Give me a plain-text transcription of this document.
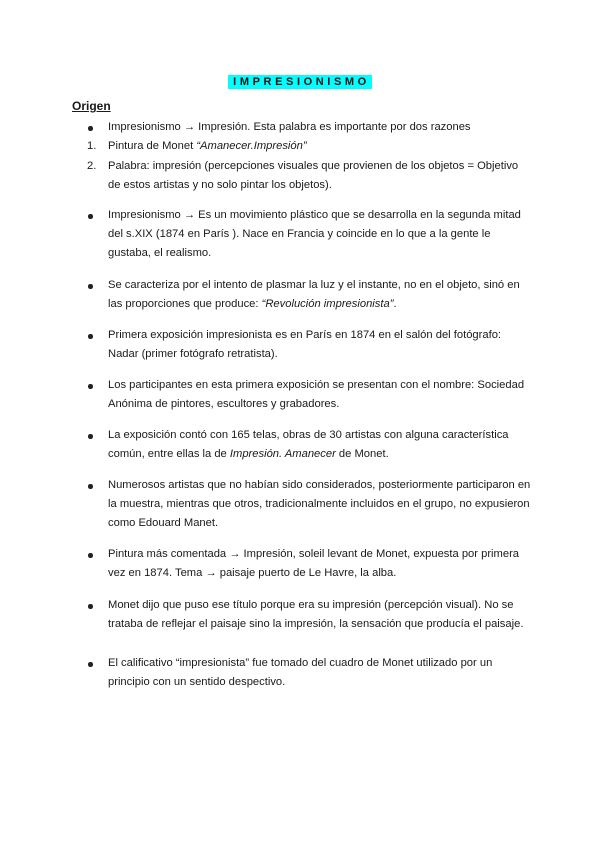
IMPRESIONISMO
Origen
Impresionismo → Impresión. Esta palabra es importante por dos razones
1. Pintura de Monet “Amanecer.Impresión”
2. Palabra: impresión (percepciones visuales que provienen de los objetos = Objetivo
de estos artistas y no solo pintar los objetos).
Impresionismo → Es un movimiento plástico que se desarrolla en la segunda mitad
del s.XIX (1874 en París ). Nace en Francia y coincide en lo que a la gente le
gustaba, el realismo.
Se caracteriza por el intento de plasmar la luz y el instante, no en el objeto, sinó en
las proporciones que produce: “Revolución impresionista”.
Primera exposición impresionista es en París en 1874 en el salón del fotógrafo:
Nadar (primer fotógrafo retratista).
Los participantes en esta primera exposición se presentan con el nombre: Sociedad
Anónima de pintores, escultores y grabadores.
La exposición contó con 165 telas, obras de 30 artistas con alguna característica
común, entre ellas la de Impresión. Amanecer de Monet.
Numerosos artistas que no habían sido considerados, posteriormente participaron en
la muestra, mientras que otros, tradicionalmente incluidos en el grupo, no expusieron
como Edouard Manet.
Pintura más comentada → Impresión, soleil levant de Monet, expuesta por primera
vez en 1874. Tema → paisaje puerto de Le Havre, la alba.
Monet dijo que puso ese título porque era su impresión (percepción visual). No se
trataba de reflejar el paisaje sino la impresión, la sensación que producía el paisaje.
El calificativo “impresionista” fue tomado del cuadro de Monet utilizado por un
principio con un sentido despectivo.
